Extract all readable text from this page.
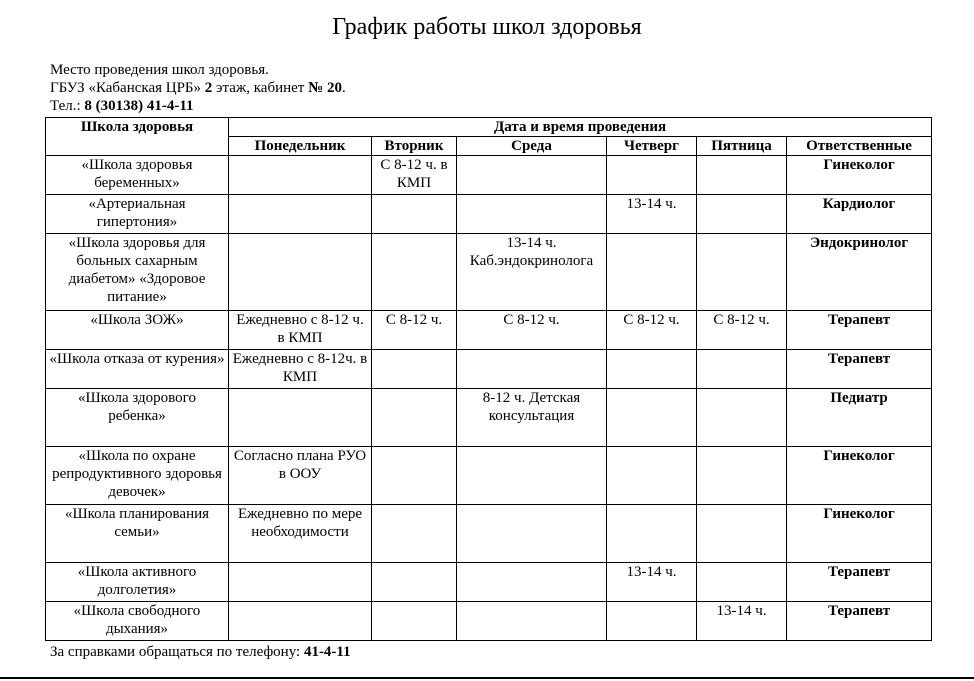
График работы школ здоровья
Место проведения школ здоровья.
ГБУЗ «Кабанская ЦРБ» 2 этаж, кабинет № 20.
Тел.: 8 (30138) 41-4-11
Школа здоровья	Дата и время проведения					
	Понедельник	Вторник	Среда	Четверг	Пятница	Ответственные
«Школа здоровья беременных»		С 8-12 ч. в КМП				Гинеколог
«Артериальная гипертония»				13-14 ч.		Кардиолог
«Школа здоровья для больных сахарным диабетом» «Здоровое питание»			13-14 ч. Каб.эндокринолога			Эндокринолог
«Школа ЗОЖ»	Ежедневно с 8-12 ч. в КМП	С 8-12 ч.	С 8-12 ч.	С 8-12 ч.	С 8-12 ч.	Терапевт
«Школа отказа от курения»	Ежедневно с 8-12ч. в КМП					Терапевт
«Школа здорового ребенка»			8-12 ч. Детская консультация			Педиатр
«Школа по охране репродуктивного здоровья девочек»	Согласно плана РУО в ООУ					Гинеколог
«Школа планирования семьи»	Ежедневно по мере необходимости					Гинеколог
«Школа активного долголетия»				13-14 ч.		Терапевт
«Школа свободного дыхания»					13-14 ч.	Терапевт
За справками обращаться по телефону: 41-4-11
